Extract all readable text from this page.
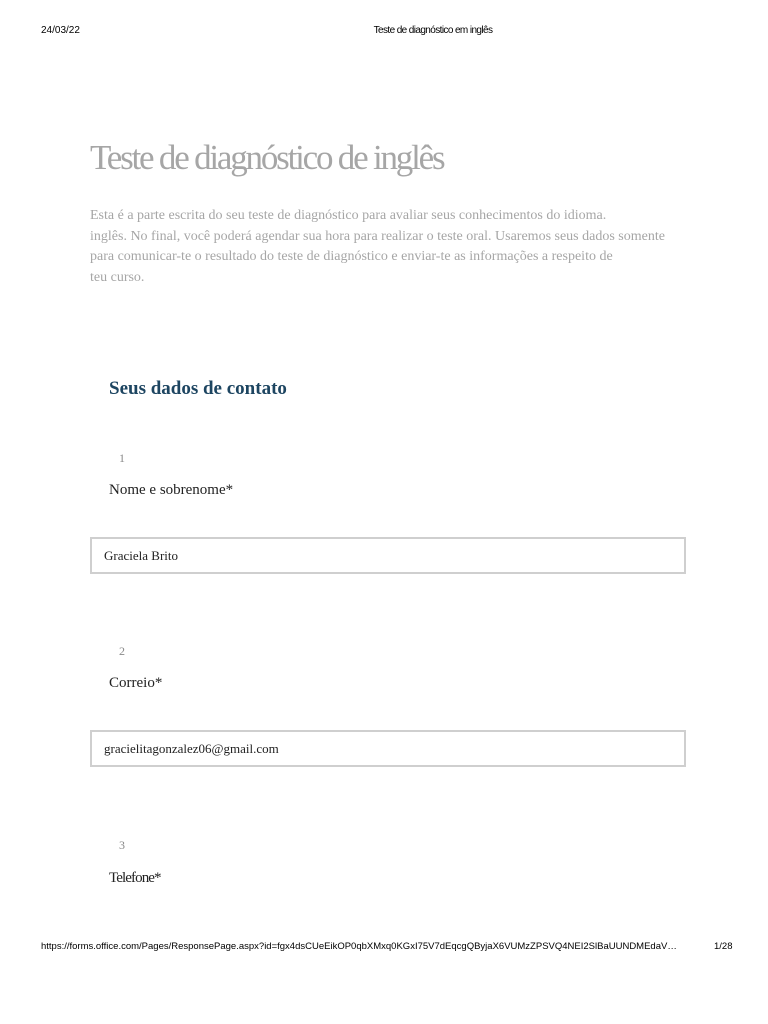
24/03/22	Teste de diagnóstico em inglês
Teste de diagnóstico de inglês

Esta é a parte escrita do seu teste de diagnóstico para avaliar seus conhecimentos do idioma.
inglês. No final, você poderá agendar sua hora para realizar o teste oral. Usaremos seus dados somente
para comunicar-te o resultado do teste de diagnóstico e enviar-te as informações a respeito de
teu curso.

Seus dados de contato
1
Nome e sobrenome*
Graciela Brito
2
Correio*
gracielitagonzalez06@gmail.com
3
Telefone*
https://forms.office.com/Pages/ResponsePage.aspx?id=fgx4dsCUeEikOP0qbXMxq0KGxI75V7dEqcgQByjaX6VUMzZPSVQ4NEI2SlBaUUNDMEdaV…	1/28
